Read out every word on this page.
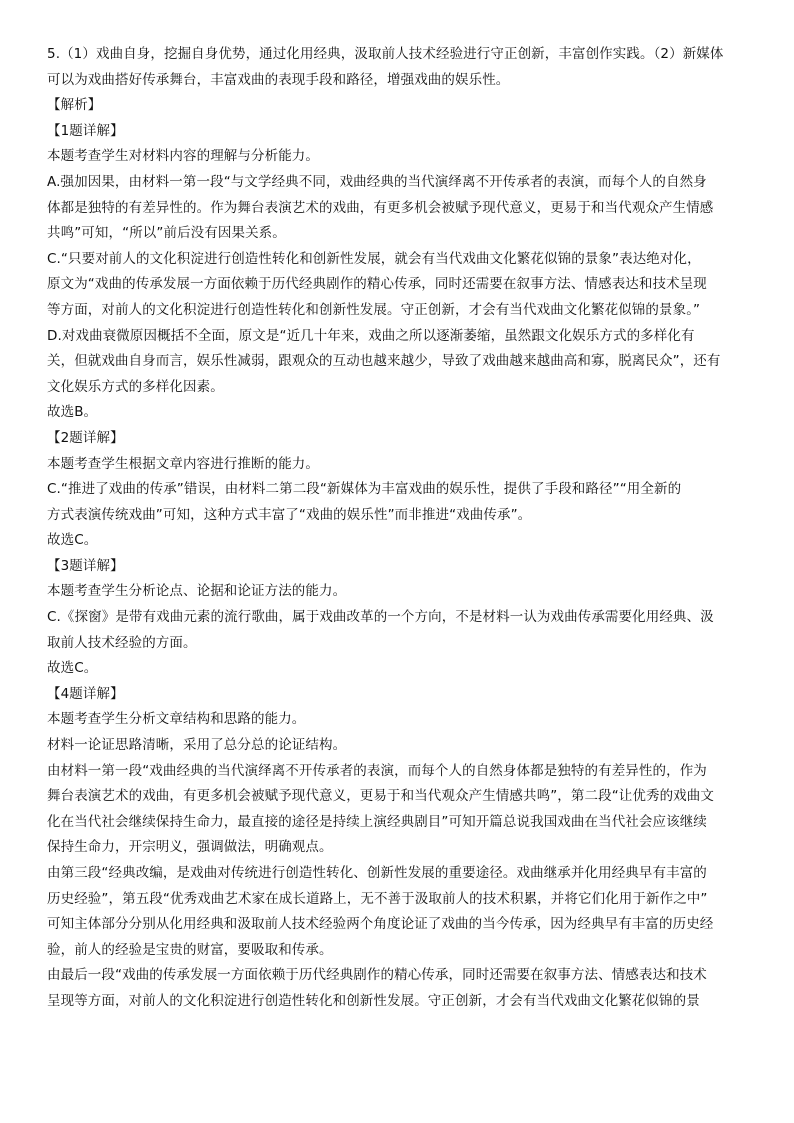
5.（1）戏曲自身，挖掘自身优势，通过化用经典，汲取前人技术经验进行守正创新，丰富创作实践。（2）新媒体
可以为戏曲搭好传承舞台，丰富戏曲的表现手段和路径，增强戏曲的娱乐性。
【解析】
【1题详解】
本题考查学生对材料内容的理解与分析能力。
A.强加因果，由材料一第一段“与文学经典不同，戏曲经典的当代演绎离不开传承者的表演，而每个人的自然身
体都是独特的有差异性的。作为舞台表演艺术的戏曲，有更多机会被赋予现代意义，更易于和当代观众产生情感
共鸣”可知，“所以”前后没有因果关系。
C.“只要对前人的文化积淀进行创造性转化和创新性发展，就会有当代戏曲文化繁花似锦的景象”表达绝对化，
原文为“戏曲的传承发展一方面依赖于历代经典剧作的精心传承，同时还需要在叙事方法、情感表达和技术呈现
等方面，对前人的文化积淀进行创造性转化和创新性发展。守正创新，才会有当代戏曲文化繁花似锦的景象。”
D.对戏曲衰微原因概括不全面，原文是“近几十年来，戏曲之所以逐渐萎缩，虽然跟文化娱乐方式的多样化有
关，但就戏曲自身而言，娱乐性减弱，跟观众的互动也越来越少，导致了戏曲越来越曲高和寡，脱离民众”，还有
文化娱乐方式的多样化因素。
故选B。
【2题详解】
本题考查学生根据文章内容进行推断的能力。
C.“推进了戏曲的传承”错误，由材料二第二段“新媒体为丰富戏曲的娱乐性，提供了手段和路径”“用全新的
方式表演传统戏曲”可知，这种方式丰富了“戏曲的娱乐性”而非推进“戏曲传承”。
故选C。
【3题详解】
本题考查学生分析论点、论据和论证方法的能力。
C.《探窗》是带有戏曲元素的流行歌曲，属于戏曲改革的一个方向，不是材料一认为戏曲传承需要化用经典、汲
取前人技术经验的方面。
故选C。
【4题详解】
本题考查学生分析文章结构和思路的能力。
材料一论证思路清晰，采用了总分总的论证结构。
由材料一第一段“戏曲经典的当代演绎离不开传承者的表演，而每个人的自然身体都是独特的有差异性的，作为
舞台表演艺术的戏曲，有更多机会被赋予现代意义，更易于和当代观众产生情感共鸣”，第二段“让优秀的戏曲文
化在当代社会继续保持生命力，最直接的途径是持续上演经典剧目”可知开篇总说我国戏曲在当代社会应该继续
保持生命力，开宗明义，强调做法，明确观点。
由第三段“经典改编，是戏曲对传统进行创造性转化、创新性发展的重要途径。戏曲继承并化用经典早有丰富的
历史经验”，第五段“优秀戏曲艺术家在成长道路上，无不善于汲取前人的技术积累，并将它们化用于新作之中”
可知主体部分分别从化用经典和汲取前人技术经验两个角度论证了戏曲的当今传承，因为经典早有丰富的历史经
验，前人的经验是宝贵的财富，要吸取和传承。
由最后一段“戏曲的传承发展一方面依赖于历代经典剧作的精心传承，同时还需要在叙事方法、情感表达和技术
呈现等方面，对前人的文化积淀进行创造性转化和创新性发展。守正创新，才会有当代戏曲文化繁花似锦的景
